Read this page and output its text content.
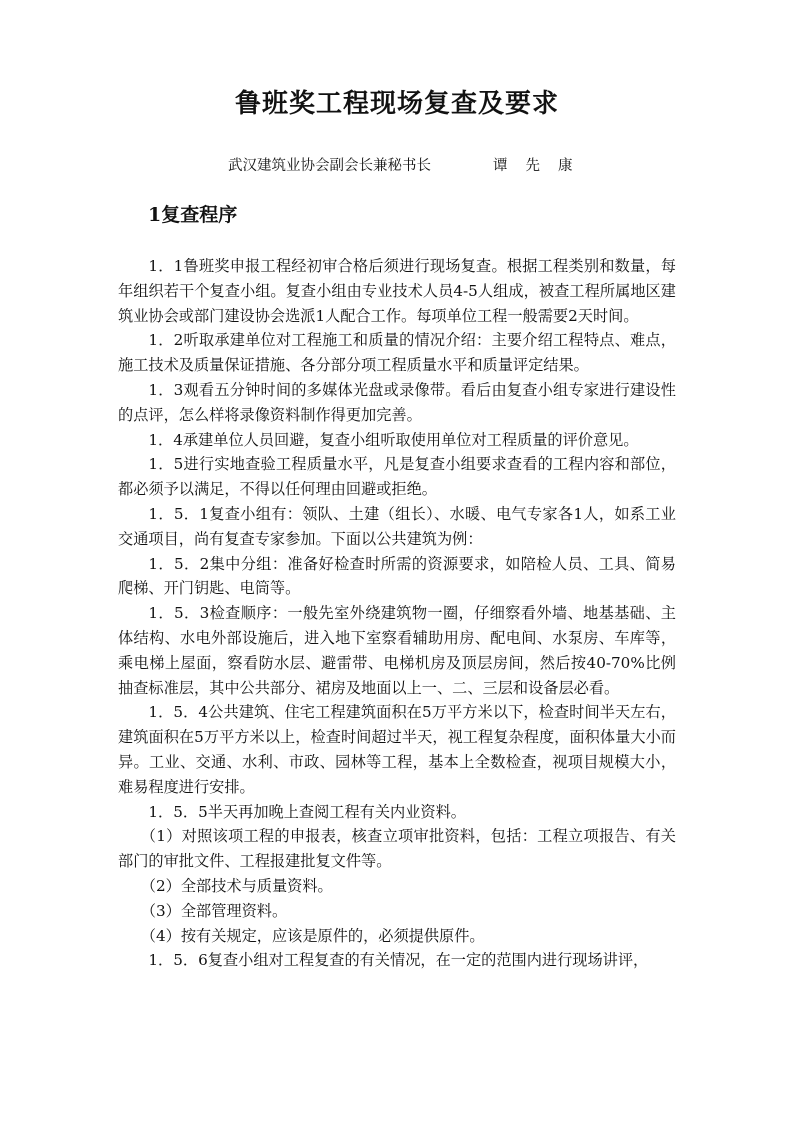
鲁班奖工程现场复查及要求
武汉建筑业协会副会长兼秘书长	谭先康
1复查程序

1．1鲁班奖申报工程经初审合格后须进行现场复查。根据工程类别和数量，每年组织若干个复查小组。复查小组由专业技术人员4-5人组成，被查工程所属地区建筑业协会或部门建设协会选派1人配合工作。每项单位工程一般需要2天时间。

1．2听取承建单位对工程施工和质量的情况介绍：主要介绍工程特点、难点，施工技术及质量保证措施、各分部分项工程质量水平和质量评定结果。

1．3观看五分钟时间的多媒体光盘或录像带。看后由复查小组专家进行建设性的点评，怎么样将录像资料制作得更加完善。

1．4承建单位人员回避，复查小组听取使用单位对工程质量的评价意见。

1．5进行实地查验工程质量水平，凡是复查小组要求查看的工程内容和部位，都必须予以满足，不得以任何理由回避或拒绝。

1．5．1复查小组有：领队、土建（组长）、水暖、电气专家各1人，如系工业交通项目，尚有复查专家参加。下面以公共建筑为例：

1．5．2集中分组：准备好检查时所需的资源要求，如陪检人员、工具、简易爬梯、开门钥匙、电筒等。

1．5．3检查顺序：一般先室外绕建筑物一圈，仔细察看外墙、地基基础、主体结构、水电外部设施后，进入地下室察看辅助用房、配电间、水泵房、车库等，乘电梯上屋面，察看防水层、避雷带、电梯机房及顶层房间，然后按40-70%比例抽查标准层，其中公共部分、裙房及地面以上一、二、三层和设备层必看。

1．5．4公共建筑、住宅工程建筑面积在5万平方米以下，检查时间半天左右，建筑面积在5万平方米以上，检查时间超过半天，视工程复杂程度，面积体量大小而异。工业、交通、水利、市政、园林等工程，基本上全数检查，视项目规模大小，难易程度进行安排。

1．5．5半天再加晚上查阅工程有关内业资料。

（1）对照该项工程的申报表，核查立项审批资料，包括：工程立项报告、有关部门的审批文件、工程报建批复文件等。

（2）全部技术与质量资料。

（3）全部管理资料。

（4）按有关规定，应该是原件的，必须提供原件。

1．5．6复查小组对工程复查的有关情况，在一定的范围内进行现场讲评，
